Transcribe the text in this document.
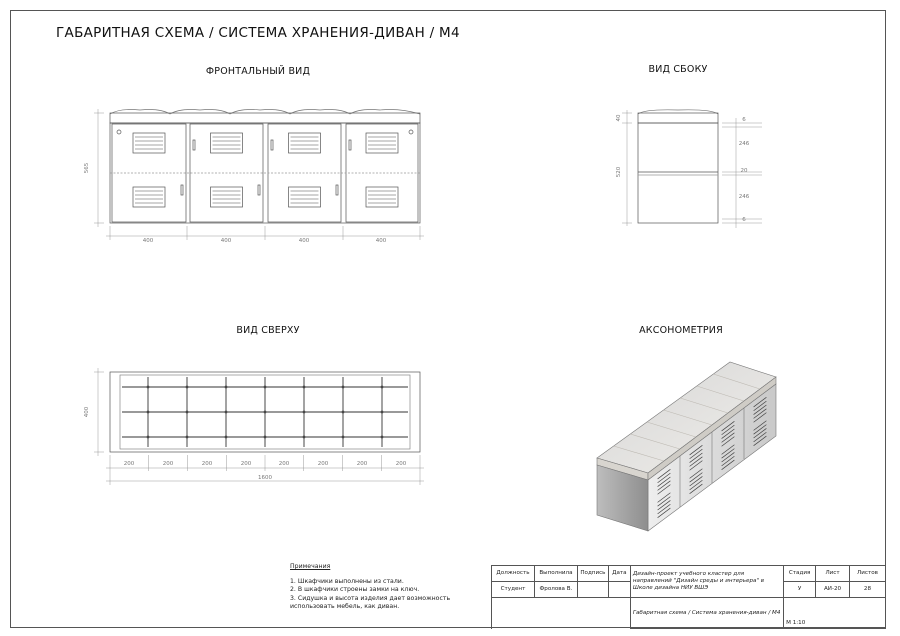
ГАБАРИТНАЯ СХЕМА / СИСТЕМА ХРАНЕНИЯ-ДИВАН / М4
ФРОНТАЛЬНЫЙ ВИД	ВИД СБОКУ
ВИД СВЕРХУ	АКСОНОМЕТРИЯ
400	400	400	400
565
40
520
6
246
20
246
6
400
200	200	200	200	200	200	200	200
1600
Примечания
1. Шкафчики выполнены из стали.
2. В шкафчики строены замки на ключ.
3. Сидушка и высота изделия дает возможность
использовать мебель, как диван.
Должность	Выполнила	Подпись	Дата	Дизайн-проект учебного кластер для направлений "Дизайн среды и интерьера" в Школе дизайна НИУ ВШЭ	Стадия	Лист	Листов
Студент	Фролова В.				У	АИ-20	28
				Габаритная схема / Система хранения-диван / М4	М 1:10		
